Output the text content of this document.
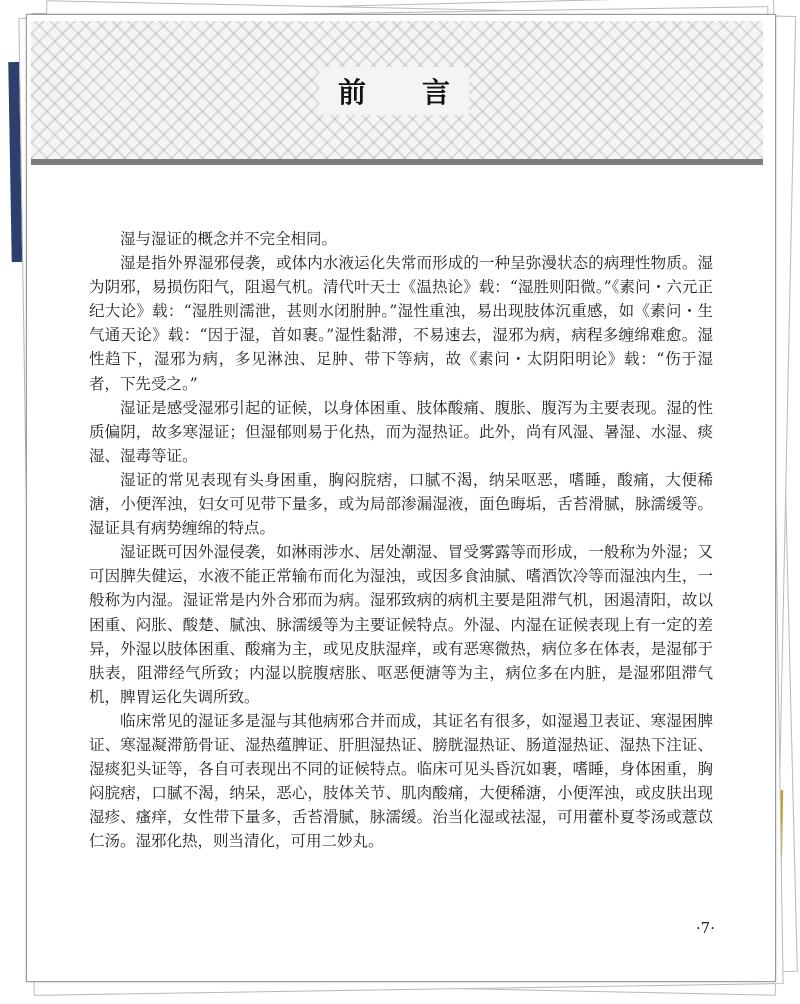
前言

湿与湿证的概念并不完全相同。

湿是指外界湿邪侵袭，或体内水液运化失常而形成的一种呈弥漫状态的病理性物质。湿为阴邪，易损伤阳气，阻遏气机。清代叶天士《温热论》载：“湿胜则阳微。”《素问・六元正纪大论》载：“湿胜则濡泄，甚则水闭胕肿。”湿性重浊，易出现肢体沉重感，如《素问・生气通天论》载：“因于湿，首如裹。”湿性黏滞，不易速去，湿邪为病，病程多缠绵难愈。湿性趋下，湿邪为病，多见淋浊、足肿、带下等病，故《素问・太阴阳明论》载：“伤于湿者，下先受之。”

湿证是感受湿邪引起的证候，以身体困重、肢体酸痛、腹胀、腹泻为主要表现。湿的性质偏阴，故多寒湿证；但湿郁则易于化热，而为湿热证。此外，尚有风湿、暑湿、水湿、痰湿、湿毒等证。

湿证的常见表现有头身困重，胸闷脘痞，口腻不渴，纳呆呕恶，嗜睡，酸痛，大便稀溏，小便浑浊，妇女可见带下量多，或为局部渗漏湿液，面色晦垢，舌苔滑腻，脉濡缓等。湿证具有病势缠绵的特点。

湿证既可因外湿侵袭，如淋雨涉水、居处潮湿、冒受雾露等而形成，一般称为外湿；又可因脾失健运，水液不能正常输布而化为湿浊，或因多食油腻、嗜酒饮冷等而湿浊内生，一般称为内湿。湿证常是内外合邪而为病。湿邪致病的病机主要是阻滞气机，困遏清阳，故以困重、闷胀、酸楚、腻浊、脉濡缓等为主要证候特点。外湿、内湿在证候表现上有一定的差异，外湿以肢体困重、酸痛为主，或见皮肤湿痒，或有恶寒微热，病位多在体表，是湿郁于肤表，阻滞经气所致；内湿以脘腹痞胀、呕恶便溏等为主，病位多在内脏，是湿邪阻滞气机，脾胃运化失调所致。

临床常见的湿证多是湿与其他病邪合并而成，其证名有很多，如湿遏卫表证、寒湿困脾证、寒湿凝滞筋骨证、湿热蕴脾证、肝胆湿热证、膀胱湿热证、肠道湿热证、湿热下注证、湿痰犯头证等，各自可表现出不同的证候特点。临床可见头昏沉如裹，嗜睡，身体困重，胸闷脘痞，口腻不渴，纳呆，恶心，肢体关节、肌肉酸痛，大便稀溏，小便浑浊，或皮肤出现湿疹、瘙痒，女性带下量多，舌苔滑腻，脉濡缓。治当化湿或祛湿，可用藿朴夏苓汤或薏苡仁汤。湿邪化热，则当清化，可用二妙丸。

·7·
